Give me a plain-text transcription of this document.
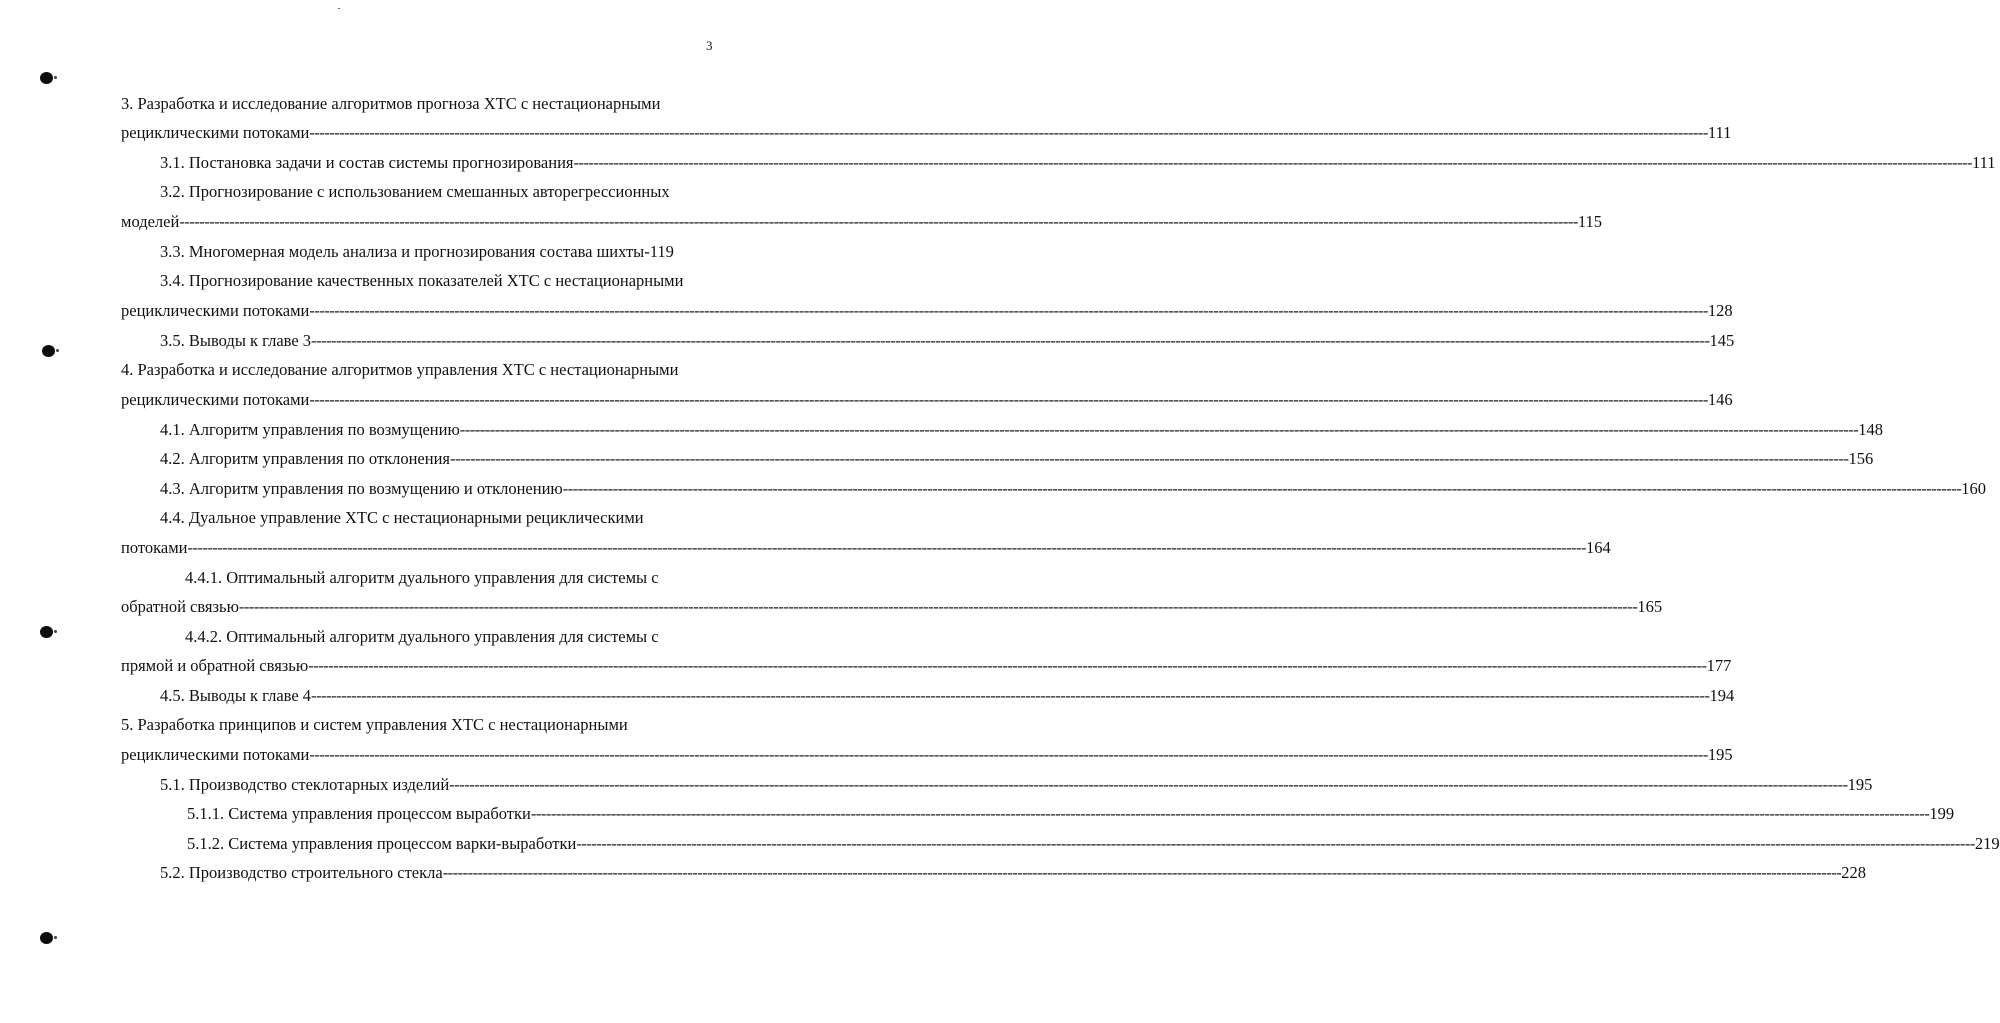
3
3. Разработка и исследование алгоритмов прогноза ХТС с нестационарными
рециклическими потоками ---------------------------------------------------------------------------------------------------------------------------------------------------------------------------------------------------------------------------------------------------------------------------------------- 111
3.1. Постановка задачи и состав системы прогнозирования ---------------------------------------------------------------------------------------------------------------------------------------------------------------------------------------------------------------------------------------------------------------------------------------- 111
3.2. Прогнозирование с использованием смешанных авторегрессионных
моделей ---------------------------------------------------------------------------------------------------------------------------------------------------------------------------------------------------------------------------------------------------------------------------------------- 115
3.3. Многомерная модель анализа и прогнозирования состава шихты-119
3.4. Прогнозирование качественных показателей ХТС с нестационарными
рециклическими потоками ---------------------------------------------------------------------------------------------------------------------------------------------------------------------------------------------------------------------------------------------------------------------------------------- 128
3.5. Выводы к главе 3 ---------------------------------------------------------------------------------------------------------------------------------------------------------------------------------------------------------------------------------------------------------------------------------------- 145
4. Разработка и исследование алгоритмов управления ХТС с нестационарными
рециклическими потоками ---------------------------------------------------------------------------------------------------------------------------------------------------------------------------------------------------------------------------------------------------------------------------------------- 146
4.1. Алгоритм управления по возмущению ---------------------------------------------------------------------------------------------------------------------------------------------------------------------------------------------------------------------------------------------------------------------------------------- 148
4.2. Алгоритм управления по отклонения ---------------------------------------------------------------------------------------------------------------------------------------------------------------------------------------------------------------------------------------------------------------------------------------- 156
4.3. Алгоритм управления по возмущению и отклонению ---------------------------------------------------------------------------------------------------------------------------------------------------------------------------------------------------------------------------------------------------------------------------------------- 160
4.4. Дуальное управление ХТС с нестационарными рециклическими
потоками ---------------------------------------------------------------------------------------------------------------------------------------------------------------------------------------------------------------------------------------------------------------------------------------- 164
4.4.1. Оптимальный алгоритм дуального управления для системы с
обратной связью ---------------------------------------------------------------------------------------------------------------------------------------------------------------------------------------------------------------------------------------------------------------------------------------- 165
4.4.2. Оптимальный алгоритм дуального управления для системы с
прямой и обратной связью ---------------------------------------------------------------------------------------------------------------------------------------------------------------------------------------------------------------------------------------------------------------------------------------- 177
4.5. Выводы к главе 4 ---------------------------------------------------------------------------------------------------------------------------------------------------------------------------------------------------------------------------------------------------------------------------------------- 194
5. Разработка принципов и систем управления ХТС с нестационарными
рециклическими потоками ---------------------------------------------------------------------------------------------------------------------------------------------------------------------------------------------------------------------------------------------------------------------------------------- 195
5.1. Производство стеклотарных изделий ---------------------------------------------------------------------------------------------------------------------------------------------------------------------------------------------------------------------------------------------------------------------------------------- 195
5.1.1. Система управления процессом выработки ---------------------------------------------------------------------------------------------------------------------------------------------------------------------------------------------------------------------------------------------------------------------------------------- 199
5.1.2. Система управления процессом варки-выработки ---------------------------------------------------------------------------------------------------------------------------------------------------------------------------------------------------------------------------------------------------------------------------------------- 219
5.2. Производство строительного стекла ---------------------------------------------------------------------------------------------------------------------------------------------------------------------------------------------------------------------------------------------------------------------------------------- 228
